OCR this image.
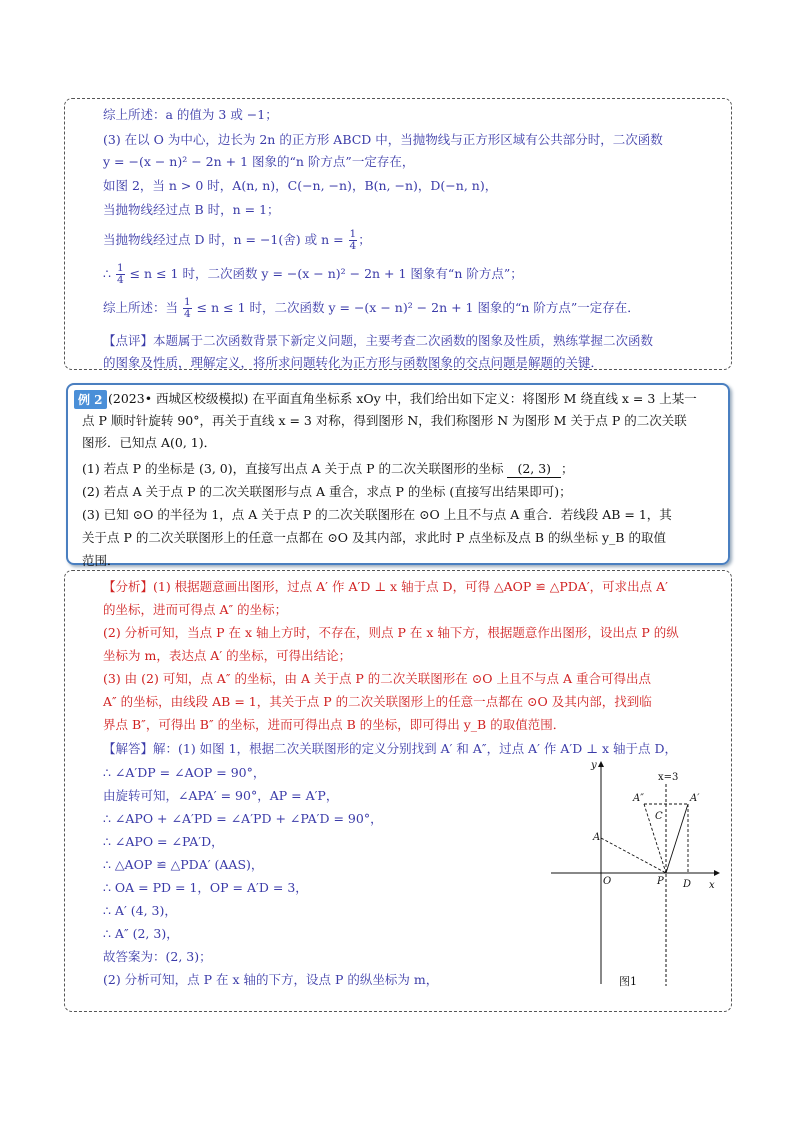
综上所述：a 的值为 3 或 −1；
(3) 在以 O 为中心，边长为 2n 的正方形 ABCD 中，当抛物线与正方形区域有公共部分时，二次函数
y = −(x − n)² − 2n + 1 图象的“n 阶方点”一定存在，
如图 2，当 n > 0 时，A(n, n)，C(−n, −n)，B(n, −n)，D(−n, n)，
当抛物线经过点 B 时，n = 1；
当抛物线经过点 D 时，n = −1(舍) 或 $n = \frac{1}{4}$ ；
∴ $\frac{1}{4} \le n \le 1$ 时，二次函数 y = −(x − n)² − 2n + 1 图象有“n 阶方点”；
综上所述：当 $\frac{1}{4} \le n \le 1$ 时，二次函数 y = −(x − n)² − 2n + 1 图象的“n 阶方点”一定存在．
【点评】本题属于二次函数背景下新定义问题，主要考查二次函数的图象及性质，熟练掌握二次函数
的图象及性质，理解定义，将所求问题转化为正方形与函数图象的交点问题是解题的关键．
例 2 (2023• 西城区校级模拟) 在平面直角坐标系 xOy 中，我们给出如下定义：将图形 M 绕直线 x = 3 上某一
点 P 顺时针旋转 90°，再关于直线 x = 3 对称，得到图形 N，我们称图形 N 为图形 M 关于点 P 的二次关联
图形．已知点 A(0, 1)．
(1) 若点 P 的坐标是 (3, 0)，直接写出点 A 关于点 P 的二次关联图形的坐标 (2, 3) ；
(2) 若点 A 关于点 P 的二次关联图形与点 A 重合，求点 P 的坐标 (直接写出结果即可)；
(3) 已知 ⊙O 的半径为 1，点 A 关于点 P 的二次关联图形在 ⊙O 上且不与点 A 重合．若线段 AB = 1，其
关于点 P 的二次关联图形上的任意一点都在 ⊙O 及其内部，求此时 P 点坐标及点 B 的纵坐标 y_B 的取值
范围．
【分析】(1) 根据题意画出图形，过点 A′ 作 A′D ⊥ x 轴于点 D，可得 △AOP ≌ △PDA′，可求出点 A′
的坐标，进而可得点 A″ 的坐标；
(2) 分析可知，当点 P 在 x 轴上方时，不存在，则点 P 在 x 轴下方，根据题意作出图形，设出点 P 的纵
坐标为 m，表达点 A′ 的坐标，可得出结论；
(3) 由 (2) 可知，点 A″ 的坐标，由 A 关于点 P 的二次关联图形在 ⊙O 上且不与点 A 重合可得出点
A″ 的坐标，由线段 AB = 1，其关于点 P 的二次关联图形上的任意一点都在 ⊙O 及其内部，找到临
界点 B″，可得出 B″ 的坐标，进而可得出点 B 的坐标，即可得出 y_B 的取值范围．
【解答】解：(1) 如图 1，根据二次关联图形的定义分别找到 A′ 和 A″，过点 A′ 作 A′D ⊥ x 轴于点 D，
∴ ∠A′DP = ∠AOP = 90°，
由旋转可知，∠APA′ = 90°，AP = A′P，
∴ ∠APO + ∠A′PD = ∠A′PD + ∠PA′D = 90°，
∴ ∠APO = ∠PA′D，
∴ △AOP ≌ △PDA′ (AAS)，
∴ OA = PD = 1，OP = A′D = 3，
∴ A′ (4, 3)，
∴ A″ (2, 3)，
故答案为：(2, 3)；
(2) 分析可知，点 P 在 x 轴的下方，设点 P 的纵坐标为 m，
y
x
x=3
A″	A′
C
A
O	P D
图1
